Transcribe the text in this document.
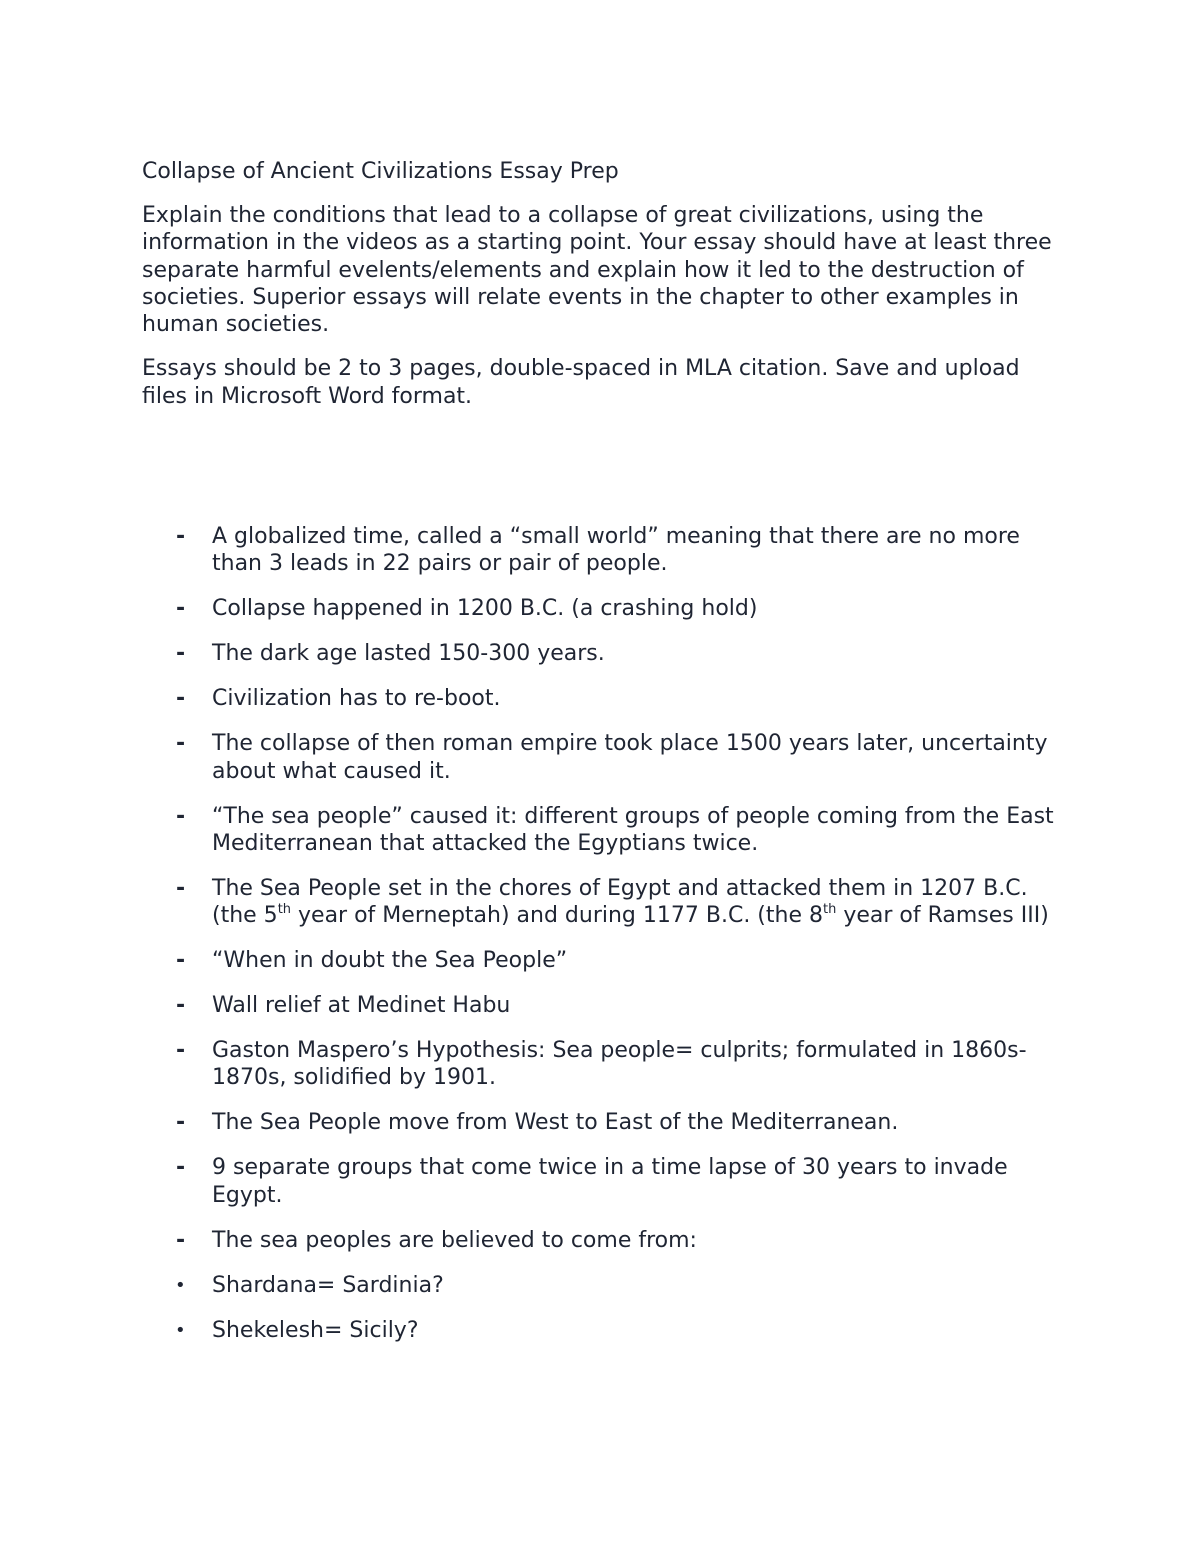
Collapse of Ancient Civilizations Essay Prep

Explain the conditions that lead to a collapse of great civilizations, using the information in the videos as a starting point. Your essay should have at least three separate harmful evelents/elements and explain how it led to the destruction of societies. Superior essays will relate events in the chapter to other examples in human societies.

Essays should be 2 to 3 pages, double-spaced in MLA citation. Save and upload files in Microsoft Word format.

-	A globalized time, called a “small world” meaning that there are no more than 3 leads in 22 pairs or pair of people.
-	Collapse happened in 1200 B.C. (a crashing hold)
-	The dark age lasted 150-300 years.
-	Civilization has to re-boot.
-	The collapse of then roman empire took place 1500 years later, uncertainty about what caused it.
-	“The sea people” caused it: different groups of people coming from the East Mediterranean that attacked the Egyptians twice.
-	The Sea People set in the chores of Egypt and attacked them in 1207 B.C. (the 5th year of Merneptah) and during 1177 B.C. (the 8th year of Ramses III)
-	“When in doubt the Sea People”
-	Wall relief at Medinet Habu
-	Gaston Maspero’s Hypothesis: Sea people= culprits; formulated in 1860s- 1870s, solidified by 1901.
-	The Sea People move from West to East of the Mediterranean.
-	9 separate groups that come twice in a time lapse of 30 years to invade Egypt.
-	The sea peoples are believed to come from:
•	Shardana= Sardinia?
•	Shekelesh= Sicily?
